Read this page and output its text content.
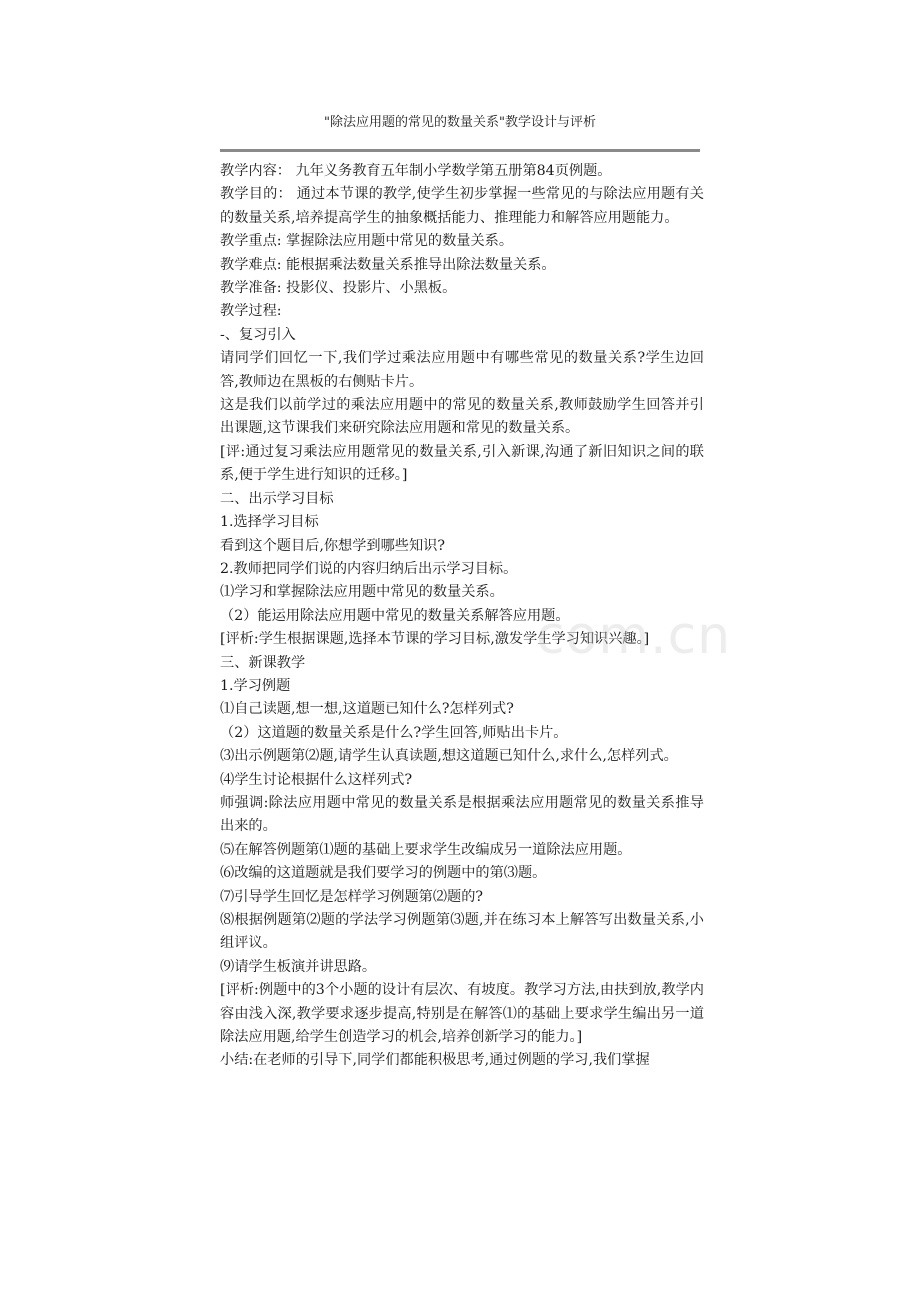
"除法应用题的常见的数量关系"教学设计与评析

教学内容： 九年义务教育五年制小学数学第五册第84页例题。

教学目的： 通过本节课的教学,使学生初步掌握一些常见的与除法应用题有关的数量关系,培养提高学生的抽象概括能力、推理能力和解答应用题能力。

教学重点: 掌握除法应用题中常见的数量关系。

教学难点: 能根据乘法数量关系推导出除法数量关系。

教学准备: 投影仪、投影片、小黑板。

教学过程:

-、复习引入

请同学们回忆一下,我们学过乘法应用题中有哪些常见的数量关系?学生边回答,教师边在黑板的右侧贴卡片。

这是我们以前学过的乘法应用题中的常见的数量关系,教师鼓励学生回答并引出课题,这节课我们来研究除法应用题和常见的数量关系。

[评:通过复习乘法应用题常见的数量关系,引入新课,沟通了新旧知识之间的联系,便于学生进行知识的迁移。]

二、出示学习目标

1.选择学习目标

看到这个题目后,你想学到哪些知识?

2.教师把同学们说的内容归纳后出示学习目标。

⑴学习和掌握除法应用题中常见的数量关系。

（2）能运用除法应用题中常见的数量关系解答应用题。

[评析:学生根据课题,选择本节课的学习目标,激发学生学习知识兴趣。]

三、新课教学

1.学习例题

⑴自己读题,想一想,这道题已知什么?怎样列式?

（2）这道题的数量关系是什么?学生回答,师贴出卡片。

⑶出示例题第⑵题,请学生认真读题,想这道题已知什么,求什么,怎样列式。

⑷学生讨论根据什么这样列式?

师强调:除法应用题中常见的数量关系是根据乘法应用题常见的数量关系推导出来的。

⑸在解答例题第⑴题的基础上要求学生改编成另一道除法应用题。

⑹改编的这道题就是我们要学习的例题中的第⑶题。

⑺引导学生回忆是怎样学习例题第⑵题的?

⑻根据例题第⑵题的学法学习例题第⑶题,并在练习本上解答写出数量关系,小组评议。

⑼请学生板演并讲思路。

[评析:例题中的3个小题的设计有层次、有坡度。教学习方法,由扶到放,教学内容由浅入深,教学要求逐步提高,特别是在解答⑴的基础上要求学生编出另一道除法应用题,给学生创造学习的机会,培养创新学习的能力。]

小结:在老师的引导下,同学们都能积极思考,通过例题的学习,我们掌握

com.cn
